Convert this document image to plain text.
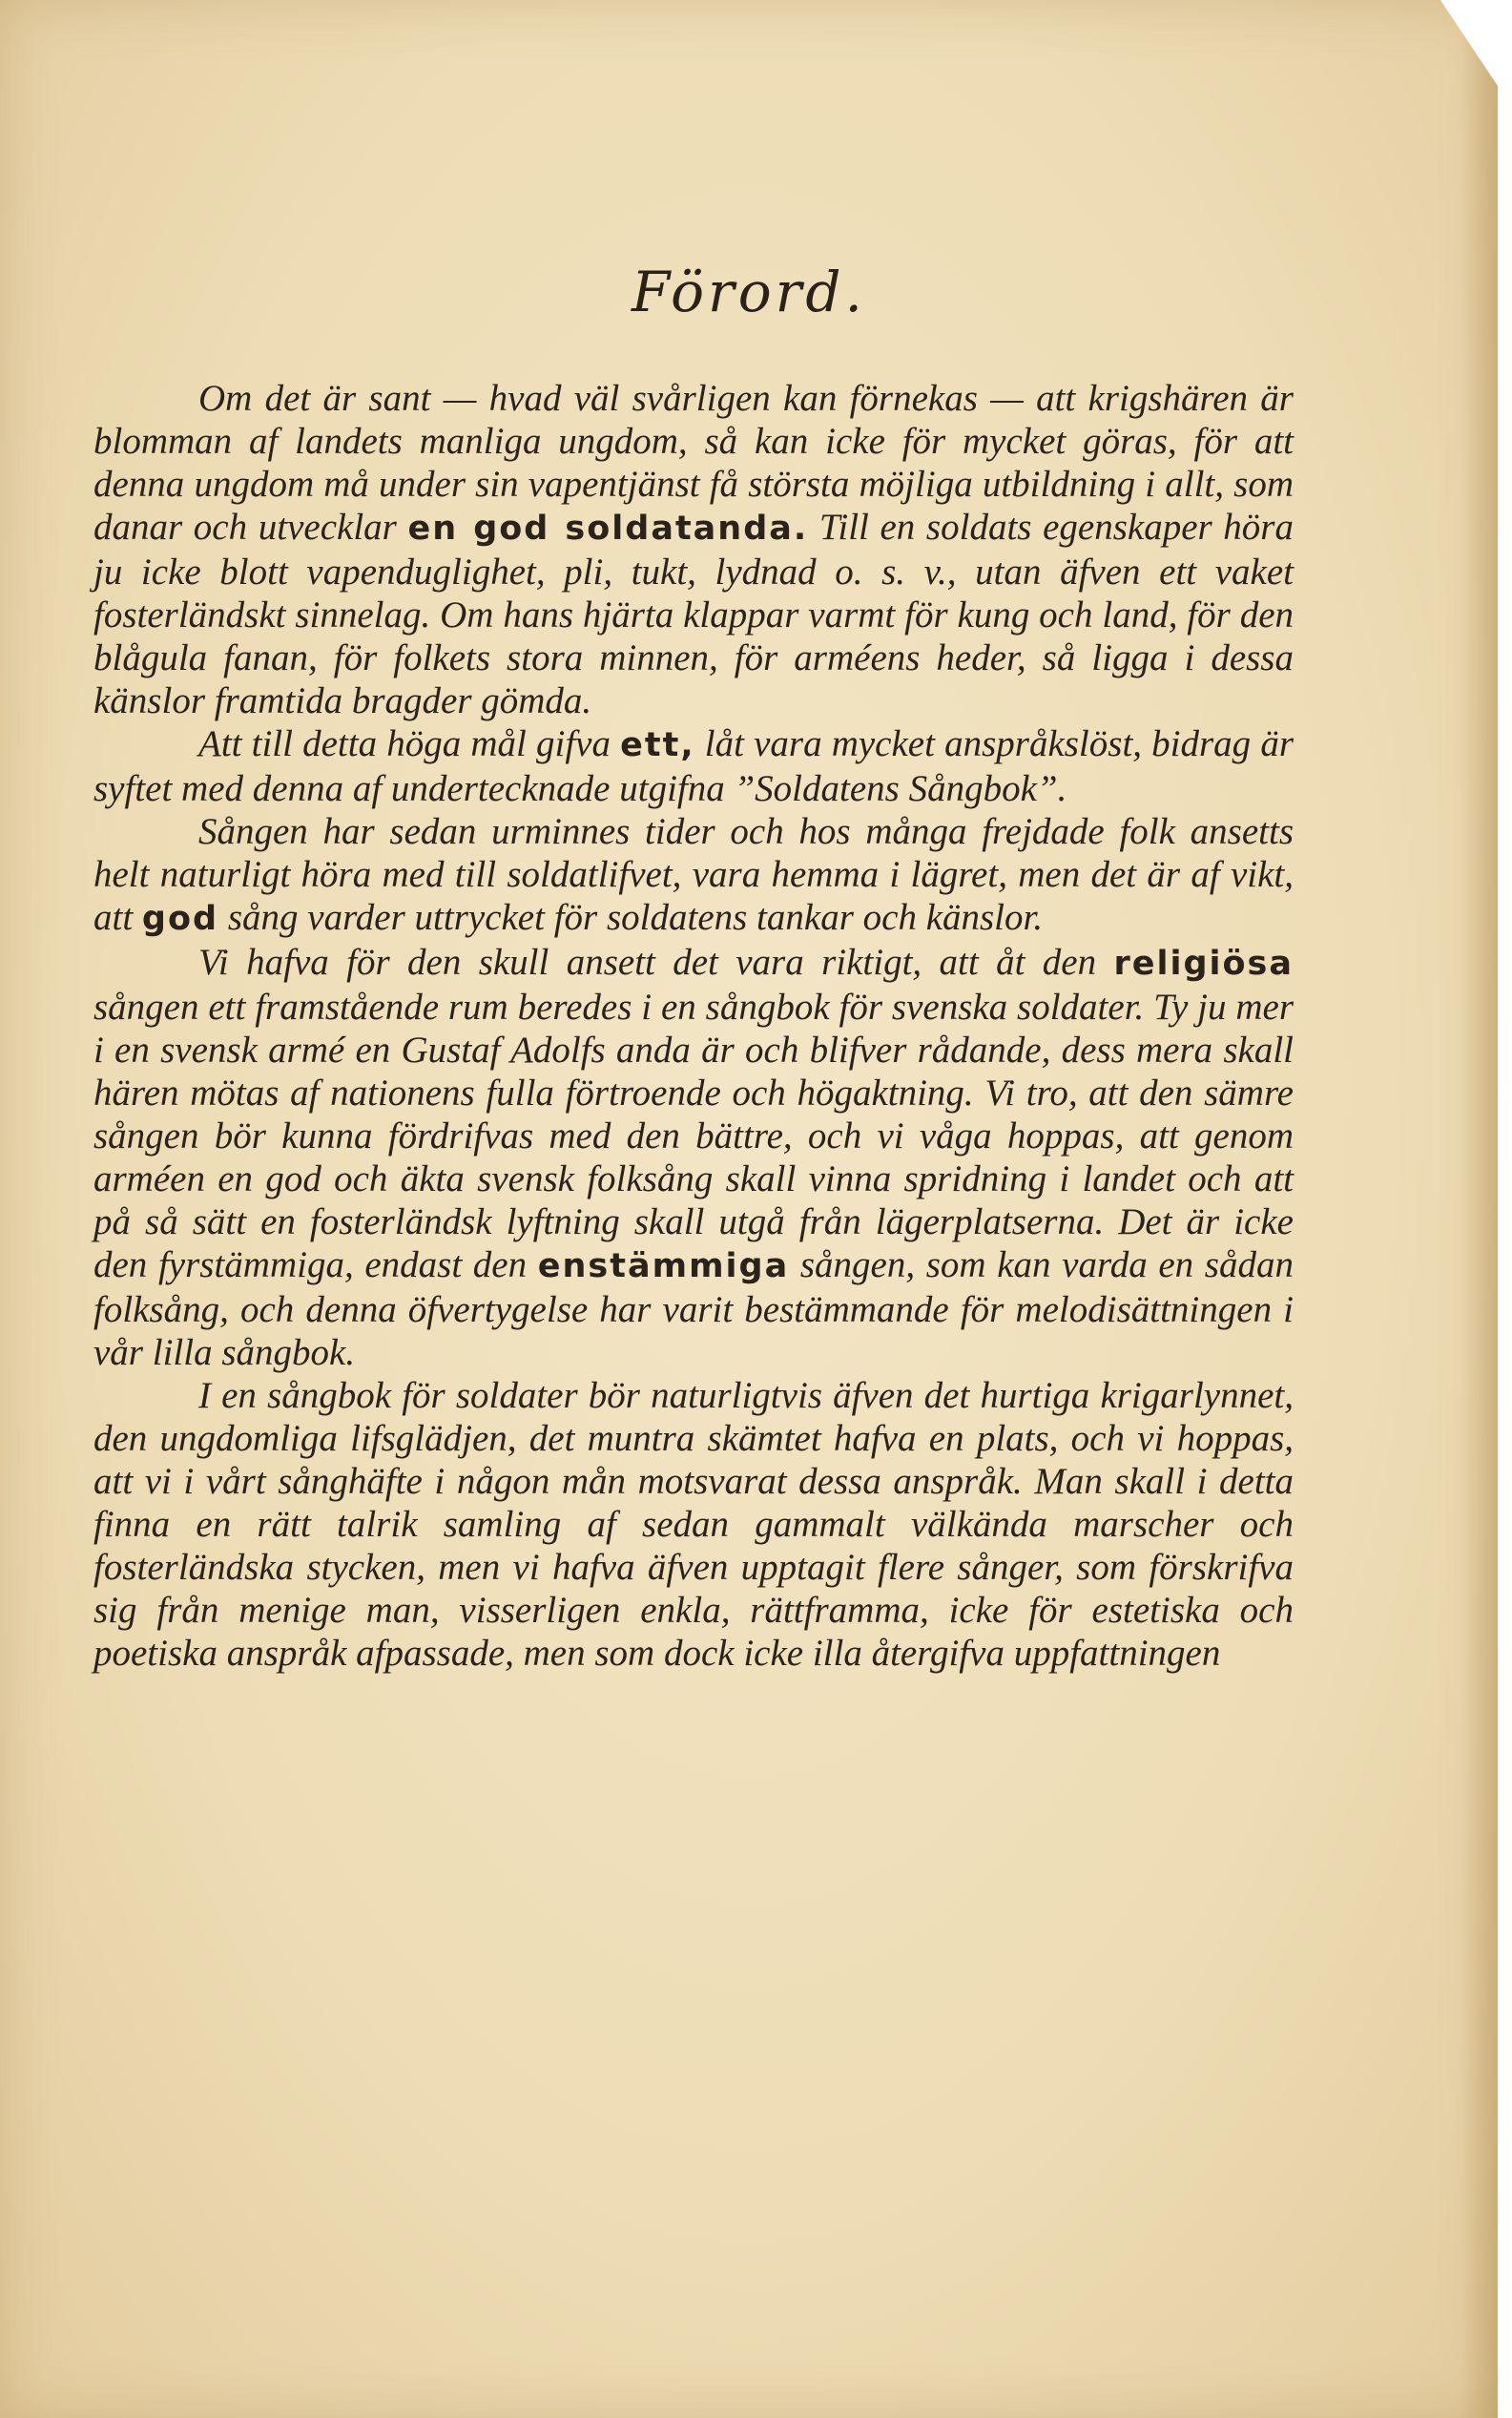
Förord.

Om det är sant — hvad väl svårligen kan förnekas — att krigshären är blomman af landets manliga ungdom, så kan icke för mycket göras, för att denna ungdom må under sin vapentjänst få största möjliga utbildning i allt, som danar och utvecklar en god soldatanda. Till en soldats egenskaper höra ju icke blott vapenduglighet, pli, tukt, lydnad o. s. v., utan äfven ett vaket fosterländskt sinnelag. Om hans hjärta klappar varmt för kung och land, för den blågula fanan, för folkets stora minnen, för arméens heder, så ligga i dessa känslor framtida bragder gömda.

Att till detta höga mål gifva ett, låt vara mycket anspråkslöst, bidrag är syftet med denna af undertecknade utgifna ”Soldatens Sångbok”.

Sången har sedan urminnes tider och hos många frejdade folk ansetts helt naturligt höra med till soldatlifvet, vara hemma i lägret, men det är af vikt, att god sång varder uttrycket för soldatens tankar och känslor.

Vi hafva för den skull ansett det vara riktigt, att åt den religiösa sången ett framstående rum beredes i en sångbok för svenska soldater. Ty ju mer i en svensk armé en Gustaf Adolfs anda är och blifver rådande, dess mera skall hären mötas af nationens fulla förtroende och högaktning. Vi tro, att den sämre sången bör kunna fördrifvas med den bättre, och vi våga hoppas, att genom arméen en god och äkta svensk folksång skall vinna spridning i landet och att på så sätt en fosterländsk lyftning skall utgå från lägerplatserna. Det är icke den fyrstämmiga, endast den enstämmiga sången, som kan varda en sådan folksång, och denna öfvertygelse har varit bestämmande för melodisättningen i vår lilla sångbok.

I en sångbok för soldater bör naturligtvis äfven det hurtiga krigarlynnet, den ungdomliga lifsglädjen, det muntra skämtet hafva en plats, och vi hoppas, att vi i vårt sånghäfte i någon mån motsvarat dessa anspråk. Man skall i detta finna en rätt talrik samling af sedan gammalt välkända marscher och fosterländska stycken, men vi hafva äfven upptagit flere sånger, som förskrifva sig från menige man, visserligen enkla, rättframma, icke för estetiska och poetiska anspråk afpassade, men som dock icke illa återgifva uppfattningen
